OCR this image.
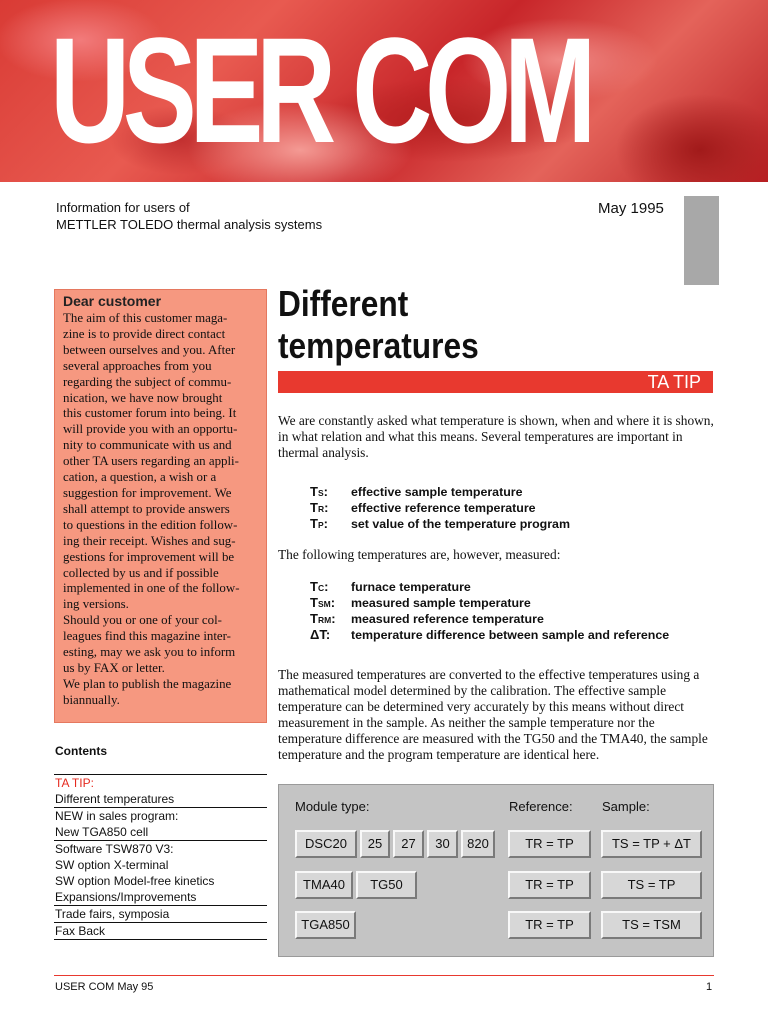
USER COM
Information for users of
METTLER TOLEDO thermal analysis systems
May 1995
Dear customer
The aim of this customer maga-
zine is to provide direct contact
between ourselves and you. After
several approaches from you
regarding the subject of commu-
nication, we have now brought
this customer forum into being. It
will provide you with an opportu-
nity to communicate with us and
other TA users regarding an appli-
cation, a question, a wish or a
suggestion for improvement. We
shall attempt to provide answers
to questions in the edition follow-
ing their receipt. Wishes and sug-
gestions for improvement will be
collected by us and if possible
implemented in one of the follow-
ing versions.
Should you or one of your col-
leagues find this magazine inter-
esting, may we ask you to inform
us by FAX or letter.
We plan to publish the magazine
biannually.
Contents
TA TIP:
Different temperatures
NEW in sales program:
New TGA850 cell
Software TSW870 V3:
SW option X-terminal
SW option Model-free kinetics
Expansions/Improvements
Trade fairs, symposia
Fax Back
Different
temperatures
TA TIP

We are constantly asked what temperature is shown, when and where it is shown, in what relation and what this means. Several temperatures are important in thermal analysis.

TS:	effective sample temperature
TR:	effective reference temperature
TP:	set value of the temperature program

The following temperatures are, however, measured:

TC:	furnace temperature
TSM:	measured sample temperature
TRM:	measured reference temperature
ΔT:	temperature difference between sample and reference

The measured temperatures are converted to the effective temperatures using a mathematical model determined by the calibration. The effective sample temperature can be determined very accurately by this means without direct measurement in the sample. As neither the sample temperature nor the temperature difference are measured with the TG50 and the TMA40, the sample temperature and the program temperature are identical here.

Module type:	Reference: Sample:
DSC20	25	27	30	820	TR = TP	TS = TP + ΔT
TMA40	TG50	TR = TP	TS = TP
TGA850	TR = TP	TS = TSM
USER COM May 95	1
